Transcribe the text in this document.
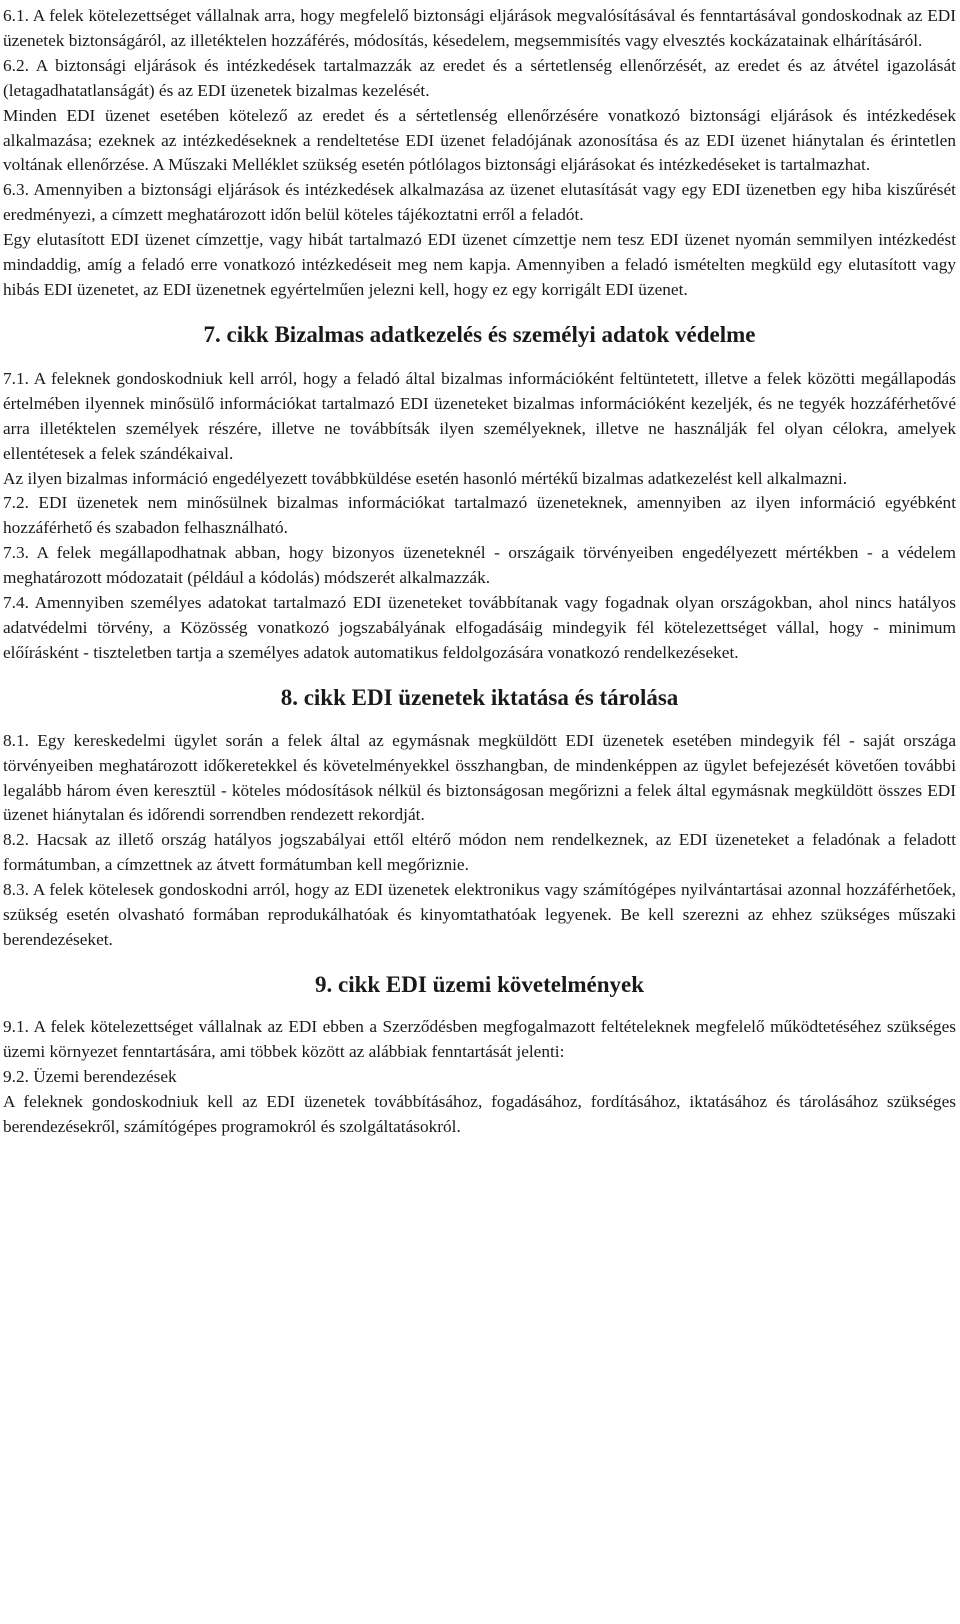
6.1. A felek kötelezettséget vállalnak arra, hogy megfelelő biztonsági eljárások megvalósításával és fenntartásával gondoskodnak az EDI üzenetek biztonságáról, az illetéktelen hozzáférés, módosítás, késedelem, megsemmisítés vagy elvesztés kockázatainak elhárításáról.

6.2. A biztonsági eljárások és intézkedések tartalmazzák az eredet és a sértetlenség ellenőrzését, az eredet és az átvétel igazolását (letagadhatatlanságát) és az EDI üzenetek bizalmas kezelését.

Minden EDI üzenet esetében kötelező az eredet és a sértetlenség ellenőrzésére vonatkozó biztonsági eljárások és intézkedések alkalmazása; ezeknek az intézkedéseknek a rendeltetése EDI üzenet feladójának azonosítása és az EDI üzenet hiánytalan és érintetlen voltának ellenőrzése. A Műszaki Melléklet szükség esetén pótlólagos biztonsági eljárásokat és intézkedéseket is tartalmazhat.

6.3. Amennyiben a biztonsági eljárások és intézkedések alkalmazása az üzenet elutasítását vagy egy EDI üzenetben egy hiba kiszűrését eredményezi, a címzett meghatározott időn belül köteles tájékoztatni erről a feladót.

Egy elutasított EDI üzenet címzettje, vagy hibát tartalmazó EDI üzenet címzettje nem tesz EDI üzenet nyomán semmilyen intézkedést mindaddig, amíg a feladó erre vonatkozó intézkedéseit meg nem kapja. Amennyiben a feladó ismételten megküld egy elutasított vagy hibás EDI üzenetet, az EDI üzenetnek egyértelműen jelezni kell, hogy ez egy korrigált EDI üzenet.

7. cikk Bizalmas adatkezelés és személyi adatok védelme

7.1. A feleknek gondoskodniuk kell arról, hogy a feladó által bizalmas információként feltüntetett, illetve a felek közötti megállapodás értelmében ilyennek minősülő információkat tartalmazó EDI üzeneteket bizalmas információként kezeljék, és ne tegyék hozzáférhetővé arra illetéktelen személyek részére, illetve ne továbbítsák ilyen személyeknek, illetve ne használják fel olyan célokra, amelyek ellentétesek a felek szándékaival.

Az ilyen bizalmas információ engedélyezett továbbküldése esetén hasonló mértékű bizalmas adatkezelést kell alkalmazni.

7.2. EDI üzenetek nem minősülnek bizalmas információkat tartalmazó üzeneteknek, amennyiben az ilyen információ egyébként hozzáférhető és szabadon felhasználható.

7.3. A felek megállapodhatnak abban, hogy bizonyos üzeneteknél - országaik törvényeiben engedélyezett mértékben - a védelem meghatározott módozatait (például a kódolás) módszerét alkalmazzák.

7.4. Amennyiben személyes adatokat tartalmazó EDI üzeneteket továbbítanak vagy fogadnak olyan országokban, ahol nincs hatályos adatvédelmi törvény, a Közösség vonatkozó jogszabályának elfogadásáig mindegyik fél kötelezettséget vállal, hogy - minimum előírásként - tiszteletben tartja a személyes adatok automatikus feldolgozására vonatkozó rendelkezéseket.

8. cikk EDI üzenetek iktatása és tárolása

8.1. Egy kereskedelmi ügylet során a felek által az egymásnak megküldött EDI üzenetek esetében mindegyik fél - saját országa törvényeiben meghatározott időkeretekkel és követelményekkel összhangban, de mindenképpen az ügylet befejezését követően további legalább három éven keresztül - köteles módosítások nélkül és biztonságosan megőrizni a felek által egymásnak megküldött összes EDI üzenet hiánytalan és időrendi sorrendben rendezett rekordját.

8.2. Hacsak az illető ország hatályos jogszabályai ettől eltérő módon nem rendelkeznek, az EDI üzeneteket a feladónak a feladott formátumban, a címzettnek az átvett formátumban kell megőriznie.

8.3. A felek kötelesek gondoskodni arról, hogy az EDI üzenetek elektronikus vagy számítógépes nyilvántartásai azonnal hozzáférhetőek, szükség esetén olvasható formában reprodukálhatóak és kinyomtathatóak legyenek. Be kell szerezni az ehhez szükséges műszaki berendezéseket.

9. cikk EDI üzemi követelmények

9.1. A felek kötelezettséget vállalnak az EDI ebben a Szerződésben megfogalmazott feltételeknek megfelelő működtetéséhez szükséges üzemi környezet fenntartására, ami többek között az alábbiak fenntartását jelenti:

9.2. Üzemi berendezések

A feleknek gondoskodniuk kell az EDI üzenetek továbbításához, fogadásához, fordításához, iktatásához és tárolásához szükséges berendezésekről, számítógépes programokról és szolgáltatásokról.
